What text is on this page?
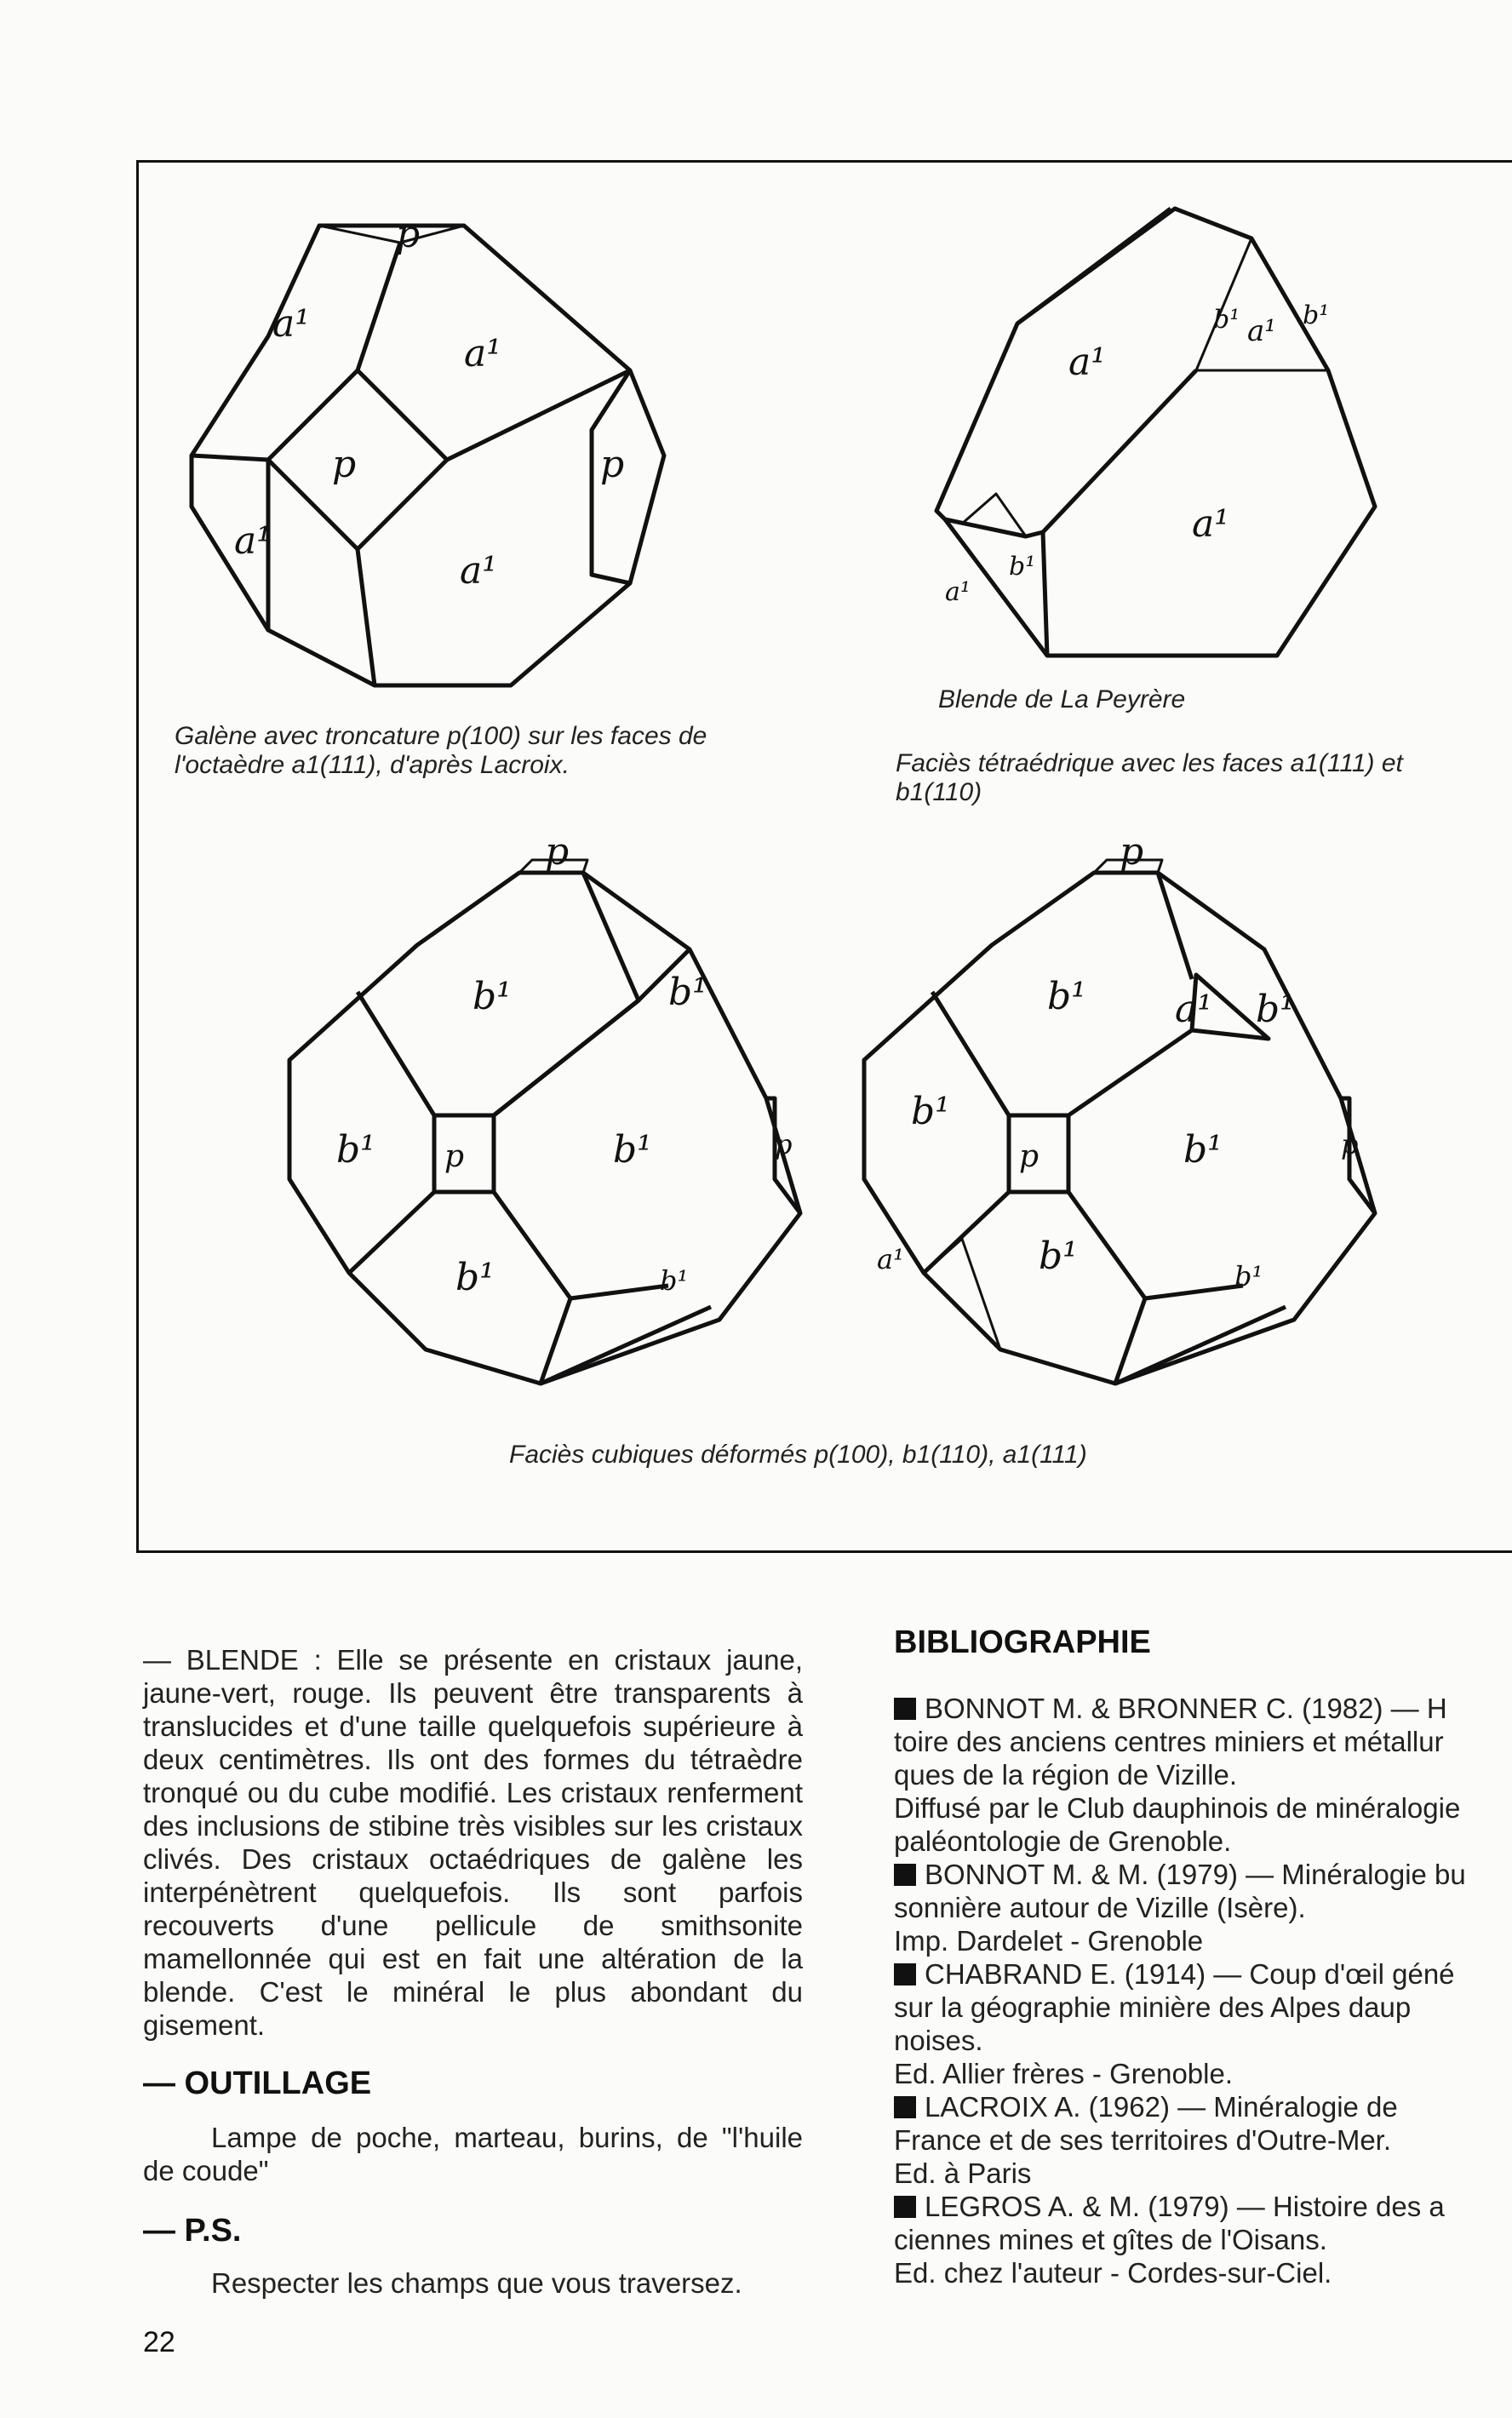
a¹
a¹
p	p
a¹
a¹
p
a¹
a¹
a¹
b¹ b¹
a¹
b¹
Blende de La Peyrère
Galène avec troncature p(100) sur les faces de
l'octaèdre a1(111), d'après Lacroix.	Faciès tétraédrique avec les faces a1(111) et
b1(110)
b¹	b¹
b¹ p	b¹
b¹	b¹
p
p
b¹ a¹ b¹
b¹
p	b¹
b¹	b¹
p
a¹
p
Faciès cubiques déformés p(100), b1(110), a1(111)

— BLENDE : Elle se présente en cristaux jaune, jaune-vert, rouge. Ils peuvent être transparents à translucides et d'une taille quelquefois supérieure à deux centimètres. Ils ont des formes du tétraèdre tronqué ou du cube modifié. Les cristaux renferment des inclusions de stibine très visibles sur les cristaux clivés. Des cristaux octaédriques de galène les interpénètrent quelquefois. Ils sont parfois recouverts d'une pellicule de smithsonite mamellonnée qui est en fait une altération de la blende. C'est le minéral le plus abondant du gisement.

— OUTILLAGE

Lampe de poche, marteau, burins, de "l'huile de coude"

— P.S.

Respecter les champs que vous traversez.

BIBLIOGRAPHIE

BONNOT M. & BRONNER C. (1982) — H

toire des anciens centres miniers et métallur

ques de la région de Vizille.

Diffusé par le Club dauphinois de minéralogie

paléontologie de Grenoble.

BONNOT M. & M. (1979) — Minéralogie bu

sonnière autour de Vizille (Isère).

Imp. Dardelet - Grenoble

CHABRAND E. (1914) — Coup d'œil géné

sur la géographie minière des Alpes daup

noises.

Ed. Allier frères - Grenoble.

LACROIX A. (1962) — Minéralogie de

France et de ses territoires d'Outre-Mer.

Ed. à Paris

LEGROS A. & M. (1979) — Histoire des a

ciennes mines et gîtes de l'Oisans.

Ed. chez l'auteur - Cordes-sur-Ciel.

22
